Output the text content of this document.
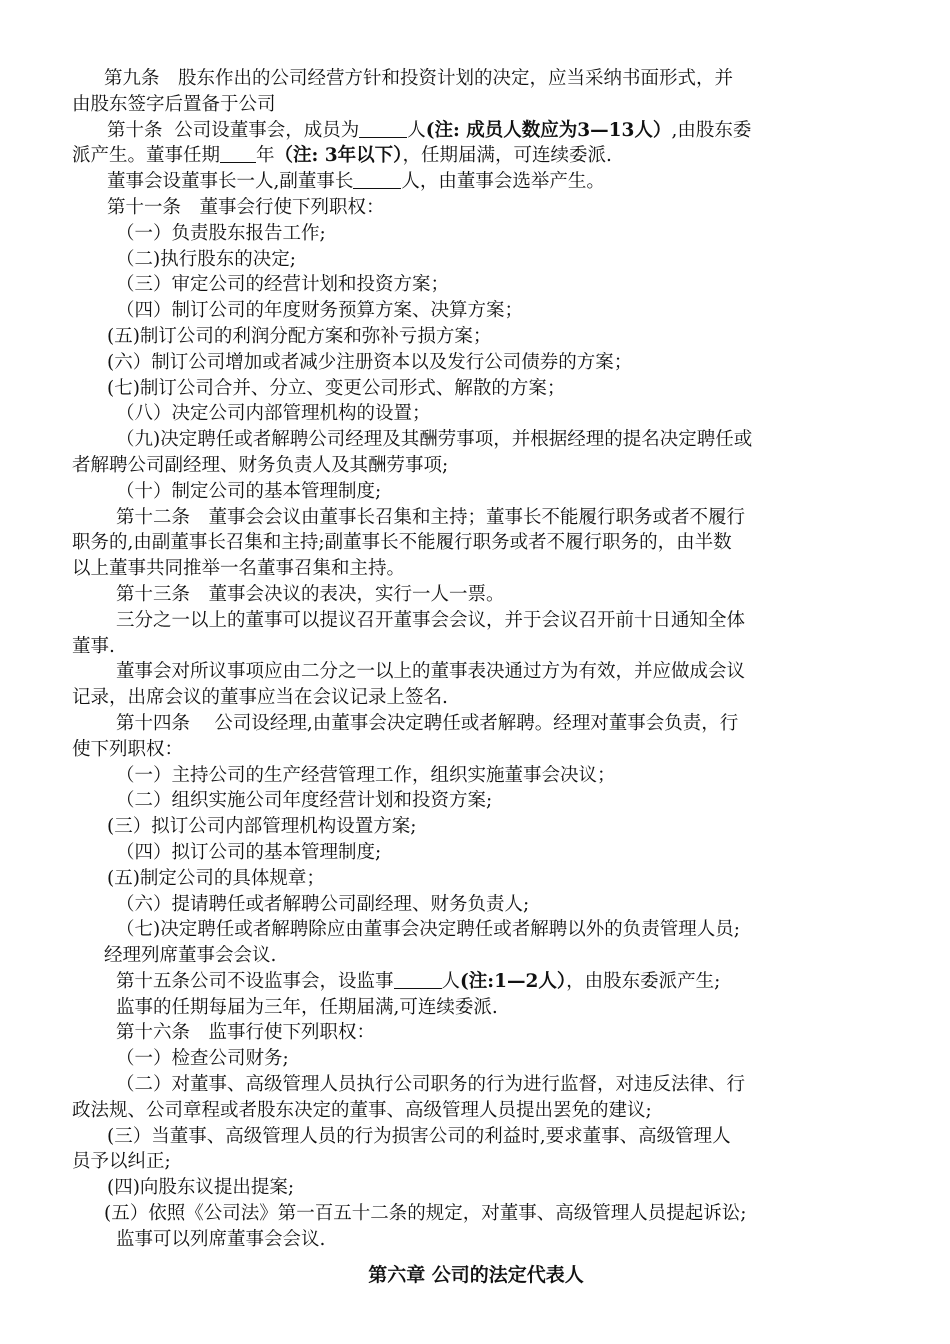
第九条　股东作出的公司经营方针和投资计划的决定，应当采纳书面形式，并

由股东签字后置备于公司

第十条  公司设董事会，成员为	人(注: 成员人数应为3—13人）,由股东委

派产生。董事任期 年（注: 3年以下），任期届满，可连续委派.

董事会设董事长一人,副董事长	人，由董事会选举产生。

第十一条　董事会行使下列职权：

（一）负责股东报告工作;

（二)执行股东的决定;

（三）审定公司的经营计划和投资方案；

（四）制订公司的年度财务预算方案、决算方案；

(五)制订公司的利润分配方案和弥补亏损方案；

(六）制订公司增加或者减少注册资本以及发行公司债券的方案；

(七)制订公司合并、分立、变更公司形式、解散的方案；

（八）决定公司内部管理机构的设置；

（九)决定聘任或者解聘公司经理及其酬劳事项，并根据经理的提名决定聘任或

者解聘公司副经理、财务负责人及其酬劳事项;

（十）制定公司的基本管理制度;

第十二条　董事会会议由董事长召集和主持；董事长不能履行职务或者不履行

职务的,由副董事长召集和主持;副董事长不能履行职务或者不履行职务的，由半数

以上董事共同推举一名董事召集和主持。

第十三条　董事会决议的表决，实行一人一票。

三分之一以上的董事可以提议召开董事会会议，并于会议召开前十日通知全体

董事.

董事会对所议事项应由二分之一以上的董事表决通过方为有效，并应做成会议

记录，出席会议的董事应当在会议记录上签名.

第十四条　 公司设经理,由董事会决定聘任或者解聘。经理对董事会负责，行

使下列职权：

（一）主持公司的生产经营管理工作，组织实施董事会决议；

（二）组织实施公司年度经营计划和投资方案;

(三）拟订公司内部管理机构设置方案;

（四）拟订公司的基本管理制度;

(五)制定公司的具体规章；

（六）提请聘任或者解聘公司副经理、财务负责人;

（七)决定聘任或者解聘除应由董事会决定聘任或者解聘以外的负责管理人员;

经理列席董事会会议.

第十五条公司不设监事会，设监事	人(注:1—2人），由股东委派产生;

监事的任期每届为三年，任期届满,可连续委派.

第十六条　监事行使下列职权：

（一）检查公司财务;

（二）对董事、高级管理人员执行公司职务的行为进行监督，对违反法律、行

政法规、公司章程或者股东决定的董事、高级管理人员提出罢免的建议;

(三）当董事、高级管理人员的行为损害公司的利益时,要求董事、高级管理人

员予以纠正;

(四)向股东议提出提案;

(五）依照《公司法》第一百五十二条的规定，对董事、高级管理人员提起诉讼;

监事可以列席董事会会议.

第六章 公司的法定代表人
